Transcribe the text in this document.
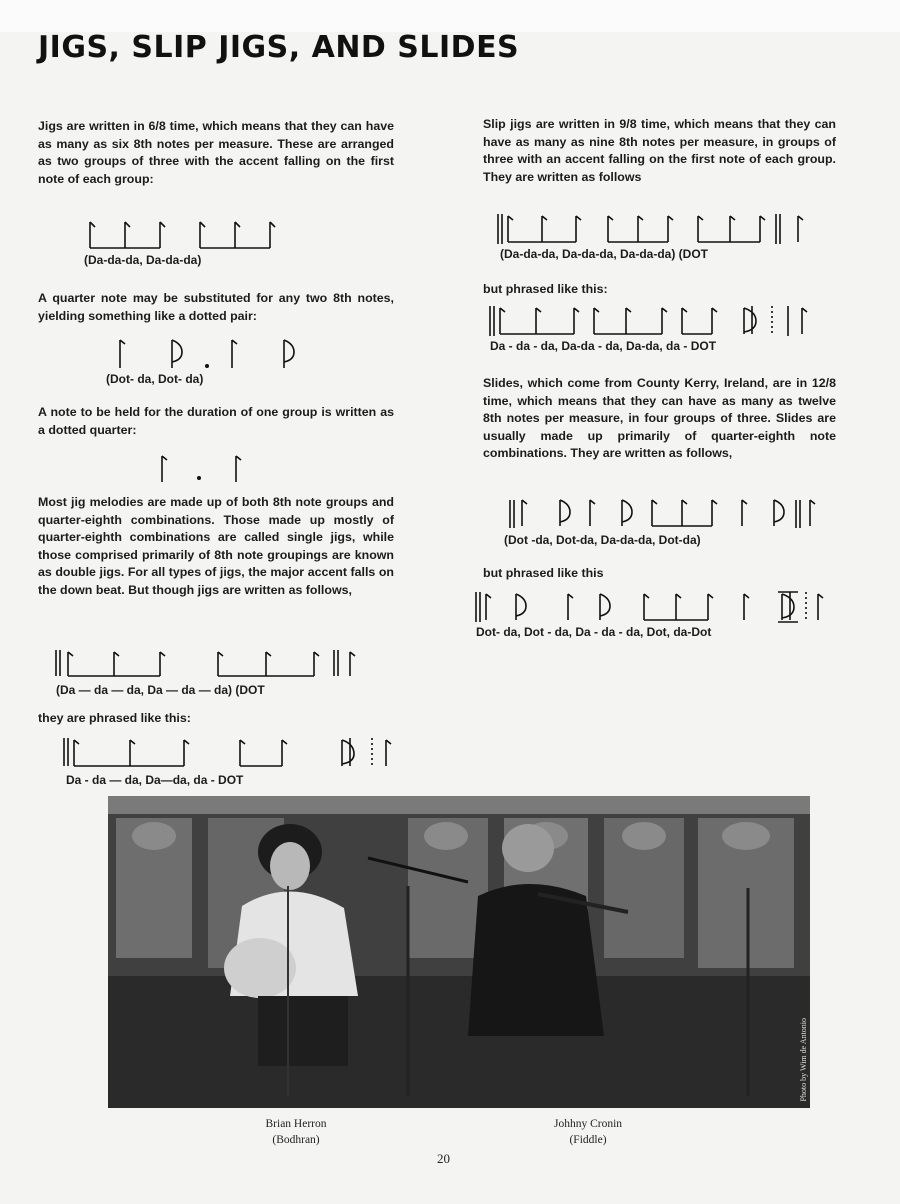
JIGS, SLIP JIGS, AND SLIDES

Jigs are written in 6/8 time, which means that they can have as many as six 8th notes per measure. These are arranged as two groups of three with the accent falling on the first note of each group:

(Da-da-da, Da-da-da)

A quarter note may be substituted for any two 8th notes, yielding something like a dotted pair:

(Dot- da, Dot- da)

A note to be held for the duration of one group is written as a dotted quarter:

Most jig melodies are made up of both 8th note groups and quarter-eighth combinations. Those made up mostly of quarter-eighth combinations are called single jigs, while those comprised primarily of 8th note groupings are known as double jigs. For all types of jigs, the major accent falls on the down beat. But though jigs are written as follows,

(Da — da — da, Da — da — da) (DOT

they are phrased like this:

Da - da — da, Da—da, da - DOT

Slip jigs are written in 9/8 time, which means that they can have as many as nine 8th notes per measure, in groups of three with an accent falling on the first note of each group. They are written as follows

(Da-da-da, Da-da-da, Da-da-da) (DOT

but phrased like this:

Da - da - da, Da-da - da, Da-da, da - DOT

Slides, which come from County Kerry, Ireland, are in 12/8 time, which means that they can have as many as twelve 8th notes per measure, in four groups of three. Slides are usually made up primarily of quarter-eighth note combinations. They are written as follows,

(Dot -da, Dot-da, Da-da-da, Dot-da)

but phrased like this

Dot- da, Dot - da, Da - da - da, Dot, da-Dot

Photo by Wim de Antonio

Brian Herron
(Bodhran)
Johhny Cronin
(Fiddle)

20
